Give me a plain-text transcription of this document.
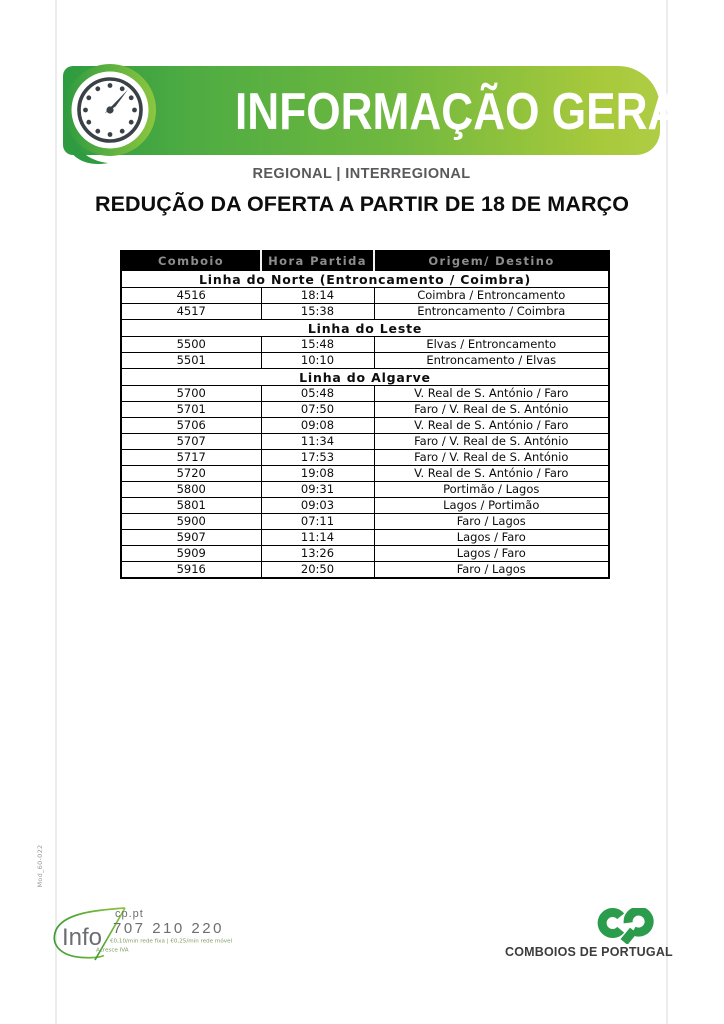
INFORMAÇÃO GERAL
REGIONAL | INTERREGIONAL
REDUÇÃO DA OFERTA A PARTIR DE 18 DE MARÇO
Comboio	Hora Partida	Origem/ Destino
Linha do Norte (Entroncamento / Coimbra)		
4516	18:14	Coimbra / Entroncamento
4517	15:38	Entroncamento / Coimbra
Linha do Leste		
5500	15:48	Elvas / Entroncamento
5501	10:10	Entroncamento / Elvas
Linha do Algarve		
5700	05:48	V. Real de S. António / Faro
5701	07:50	Faro / V. Real de S. António
5706	09:08	V. Real de S. António / Faro
5707	11:34	Faro / V. Real de S. António
5717	17:53	Faro / V. Real de S. António
5720	19:08	V. Real de S. António / Faro
5800	09:31	Portimão / Lagos
5801	09:03	Lagos / Portimão
5900	07:11	Faro / Lagos
5907	11:14	Lagos / Faro
5909	13:26	Lagos / Faro
5916	20:50	Faro / Lagos
Mod_60-022
Info
cp.pt
707 210 220
€0,10/min rede fixa | €0,25/min rede móvel
Acresce IVA	COMBOIOS DE PORTUGAL
